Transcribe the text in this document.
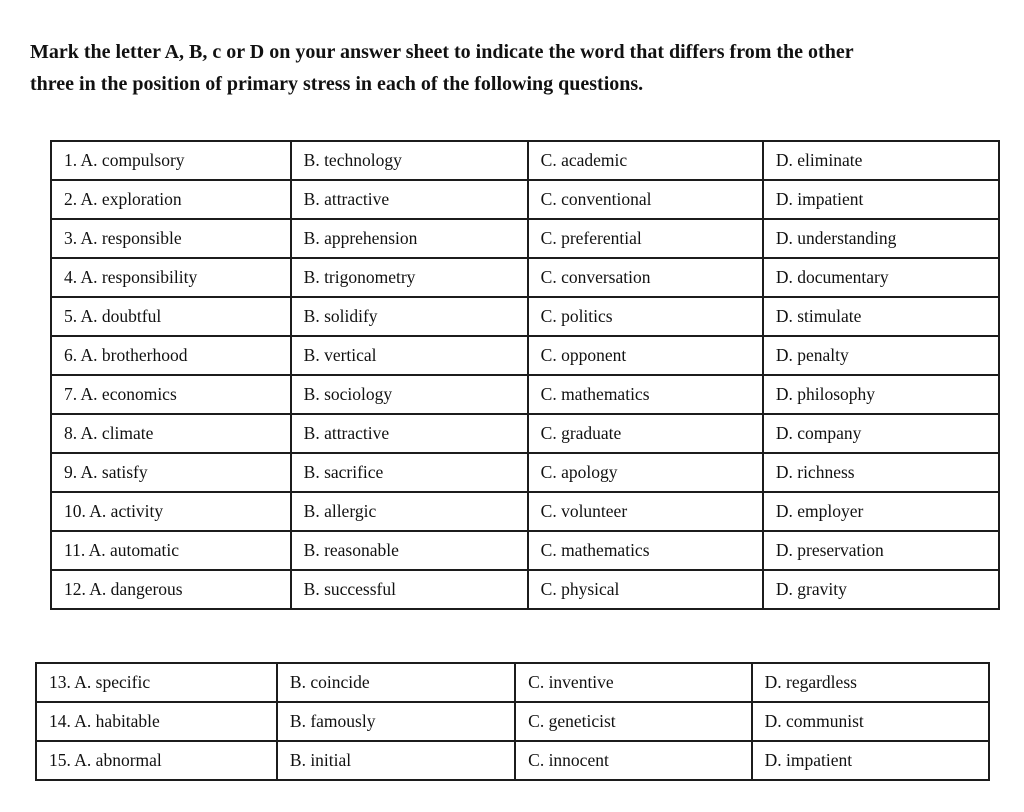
Mark the letter A, B, c or D on your answer sheet to indicate the word that differs from the other
three in the position of primary stress in each of the following questions.
1. A. compulsory	B. technology	C. academic	D. eliminate
2. A. exploration	B. attractive	C. conventional	D. impatient
3. A. responsible	B. apprehension	C. preferential	D. understanding
4. A. responsibility	B. trigonometry	C. conversation	D. documentary
5. A. doubtful	B. solidify	C. politics	D. stimulate
6. A. brotherhood	B. vertical	C. opponent	D. penalty
7. A. economics	B. sociology	C. mathematics	D. philosophy
8. A. climate	B. attractive	C. graduate	D. company
9. A. satisfy	B. sacrifice	C. apology	D. richness
10. A. activity	B. allergic	C. volunteer	D. employer
11. A. automatic	B. reasonable	C. mathematics	D. preservation
12. A. dangerous	B. successful	C. physical	D. gravity
13. A. specific	B. coincide	C. inventive	D. regardless
14. A. habitable	B. famously	C. geneticist	D. communist
15. A. abnormal	B. initial	C. innocent	D. impatient
